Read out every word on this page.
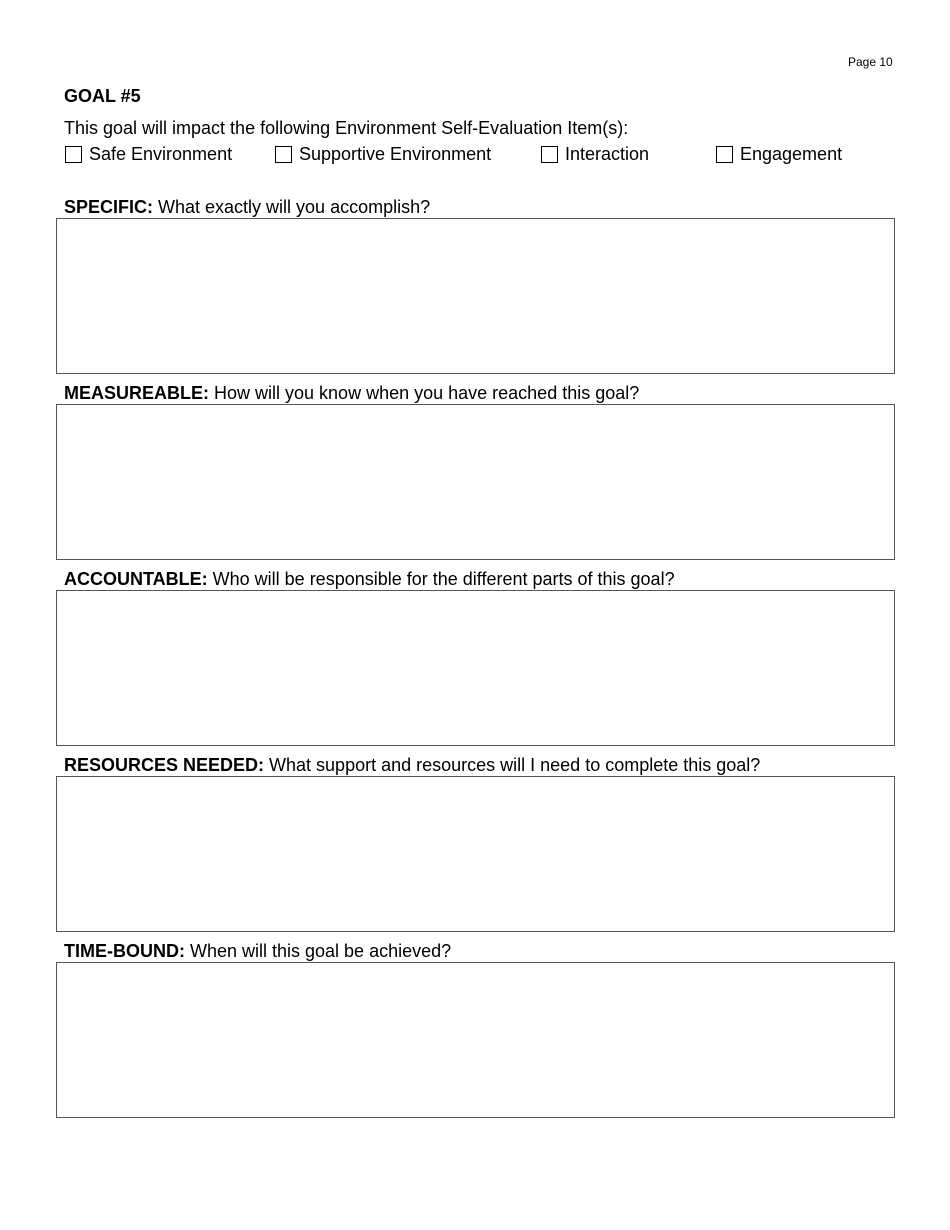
Page 10
GOAL #5
This goal will impact the following Environment Self-Evaluation Item(s):
Safe Environment	Supportive Environment	Interaction	Engagement
SPECIFIC: What exactly will you accomplish?
MEASUREABLE: How will you know when you have reached this goal?
ACCOUNTABLE: Who will be responsible for the different parts of this goal?
RESOURCES NEEDED: What support and resources will I need to complete this goal?
TIME-BOUND: When will this goal be achieved?
